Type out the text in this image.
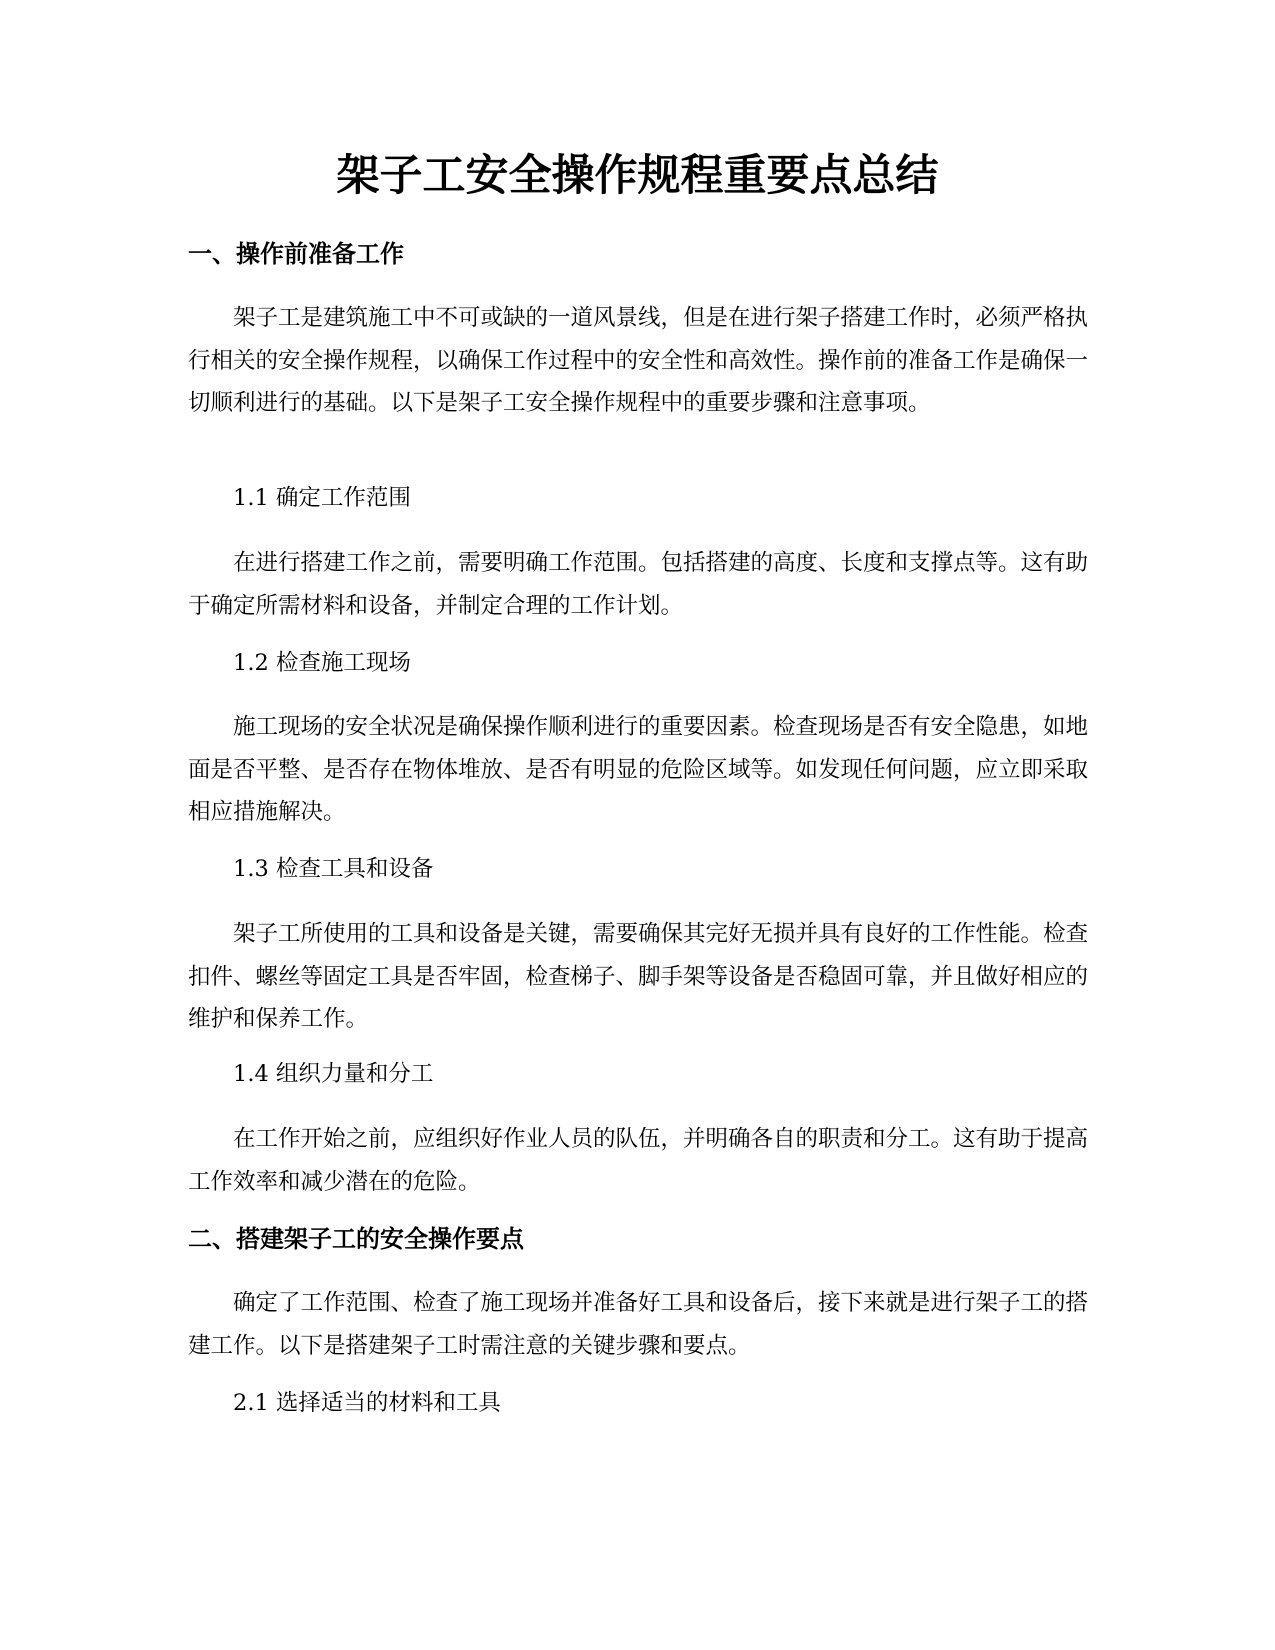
架子工安全操作规程重要点总结
一、操作前准备工作

架子工是建筑施工中不可或缺的一道风景线，但是在进行架子搭建工作时，必须严格执行相关的安全操作规程，以确保工作过程中的安全性和高效性。操作前的准备工作是确保一切顺利进行的基础。以下是架子工安全操作规程中的重要步骤和注意事项。

1.1 确定工作范围

在进行搭建工作之前，需要明确工作范围。包括搭建的高度、长度和支撑点等。这有助于确定所需材料和设备，并制定合理的工作计划。

1.2 检查施工现场

施工现场的安全状况是确保操作顺利进行的重要因素。检查现场是否有安全隐患，如地面是否平整、是否存在物体堆放、是否有明显的危险区域等。如发现任何问题，应立即采取相应措施解决。

1.3 检查工具和设备

架子工所使用的工具和设备是关键，需要确保其完好无损并具有良好的工作性能。检查扣件、螺丝等固定工具是否牢固，检查梯子、脚手架等设备是否稳固可靠，并且做好相应的维护和保养工作。

1.4 组织力量和分工

在工作开始之前，应组织好作业人员的队伍，并明确各自的职责和分工。这有助于提高工作效率和减少潜在的危险。

二、搭建架子工的安全操作要点

确定了工作范围、检查了施工现场并准备好工具和设备后，接下来就是进行架子工的搭建工作。以下是搭建架子工时需注意的关键步骤和要点。

2.1 选择适当的材料和工具
